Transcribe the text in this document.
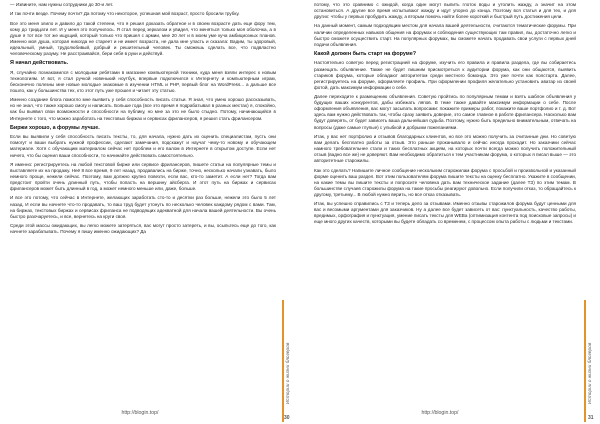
— Извините, нам нужны сотрудники до 30-и лет.

И так почти везде. Почему почти? Да потому что некоторое, успешная мой возраст, просто бросили трубку.

Все это меня злило и давило до такой степени, что я решил доказать обратное и в своем возрасте дать еще фору тем, кому до тридцати лет. И у меня это получилось. Я стал перед зеркалом и увидел, что меняться только моя оболочка, а в душе я тот все тот же ищущий, который только что пришел с армии, мне 20 лет и в моем уме куча амбициозных планов. Именно моя душа, которая никогда не стареет и не имеет возраста, не дала мне упасть и сказала: Вадим, ты здоровый, идеальный, умный, трудолюбивый, добрый и решительный человек. Ты сможешь сделать все, что подвластно человеческому разуму. Не расстраивайся, бери себя в руки и действуй.

Я начал действовать.

Я, случайно познакомился с молодыми ребятами в магазине компьютерной техники, куда меня взяли интерес к новым технологиям. И вот, я стал ручкой новенький ноутбук, впервые подключился к Интернету и компьютерным играм, бесконечно полезны мне новые молодые знакомые в изучении HTML и PHP, первый блог на WordPress... а дальше все пошло, как у большинства тех, кто этот путь уже прошел и читает эту статью.

Именно создание блога помогло мне выявить у себя способность писать статьи. Я знал, что умею хорошо рассказывать, но не знал, что также хорошо смогу и написать. Больше года (все это время я подрабатывал в разных местах) я, спокойно, как бы выявил свои возможности и способности на публику, но мне за это не было стыдно. Потому, начинающийся в Интернете с того, что можно заработать на текстовых биржах и сервисах фрилансеров, я решил стать фрилансером.

Биржи хорошо, а форумы лучше.

Если вы выявили у себя способность писать тексты, то, для начала, нужно дать их оценить специалистам, пусть они помогут и ваши выбрать нужной профессии, сделают замечания, подскажут и научат чему-то новому и обучающем материале. Хотя с обучающим материалом сейчас нет проблем и его валом в Интернете в открытом доступе. Если нет ничего, что бы оценил ваши способности, то начинайте действовать самостоятельно.

Я именно: регистрируетесь на любой текстовой бирже или сервисе фрилансеров, пишете статьи на популярные темы и выставляете их на продажу. Неё 8 все время, 9 лет назад, продавались на бирже, точно, несколько начали узнавать, было немного проще, нежели сейчас. Поэтому, вам должно крупно повезти, если вас, кто-то заметит. А если нет? Тогда вам предстоит пройти очень длинный путь, чтобы попасть на вершину айсберга. И этот путь на биржах и сервисах фрилансеров может быть длинный в год, а может немного меньше или, даже, больше.

И все это потому, что сейчас в Интернете, желающих заработать сто-то и десятки раз больше, нежели это было 5 лет назад. И если вы начнете что-то продавать, то ваш труд будет утонуть по несколько человек каждому рядом с вами. Там, на биржах, текстовых биржах и сервисах фриланса не подводящих адекватной для начала вашей деятельности. Вы очень быстро разочаруетесь, и все, вернетесь на круги своя.

Среди этой массы ожидающих, вы легко можете затеряться, вас могут просто затереть, и вы, осыпьтесь еще до того, как начнете зарабатывать. Почему я пишу именно ожидающих? Да

Истории о жизни блогеров
30
http://blogin.top/

потому, что это сравнимо с ожидой, когда один могут выпить глоток воды и утолить жажду, а значит на этом остановиться. А другие все время испытывают жажду и идут упорно до конца. Поэтому вся статья и для тех, и для других: чтобы у первых пробудить жажду, а вторым помочь найти более короткий и быстрый путь достижения цели.

На данный момент, самым подходящим местом для начала вашей деятельности, считаются тематические форумы. При наличии определенных навыков общения на форумах и соблюдения существующих там правил, вы, достаточно легко и быстро сможете осуществить старт. На популярных форумах, вы сможете начать продавать свои услуги с первых дней подачи объявления.

Какой должен быть старт на форуме?

Настоятельно советую перед регистрацией на форуме, изучить его правила и правила раздела, где вы собираетесь размещать объявление. Также не будет лишним присмотреться к аудитории форума, как они общаются, выявить стариков форума, которые обладают авторитетом среди местного бомонда. Это уже почти как полстарта. Далее, регистрируетесь на форуме, оформляете профиль. При оформлении профиля желательно установить аватар из своей фотой, дать максимум информации о себе.

Далее переходите к размещению объявления. Советую пройтись по популярным темам и взять шаблон объявления у будущих ваших конкурентов, дабы избежать ляпов. В теме также давайте максимум информации о себе. После оформления объявления, вас могут засыпать вопросами: покажите примеры работ, покажите ваше портфолио и т. д. Вот здесь вам нужно действовать так, чтобы сразу заявить доверие, это самое главное в работе фрилансера. Насколько вам будут доверять, от будет зависеть ваша дальнейшая судьба. Поэтому, нужно быть предельно внимательным, отвечать на вопросы (даже самые глупые) с улыбкой и добрыми пожеланиями.

Итак, у вас нет портфолио и отзывов благодарных клиентов, но все это можно получить за считанные дни. Но советую вам делать бесплатно работы за отзыв. Это раньше проканывало и сейчас иногда проходит. Но заказчики сейчас намного требовательнее стали и таких бесплатных акциям, на которых почти всегда можно получить положительный отзыв (вадно все же) не доверяют. Вам необходимо обратиться к тем участникам форума, о которых я писал выше — это авторитетные старожилы.

Как это сделать? Напишите личное сообщение нескольким старожилам форума с просьбой и произвольной и указанный форме оценить ваш раздел. Вот этим пользователям форума пишите тексты на оценку бесплатно. Укажите в сообщении, на какие темы вы пишите тексты и попросите человека дать вам техническое задание (далее ТЗ) по этим темам. В большинстве случаев старожилы форума на такие просьбы реагируют довольно. Если получили отказ, то обращайтесь к другому, третьему... В любой нужно верить, но все отказ отказывать.

Итак, вы успешно справились с ТЗ и теперь дело за отзывами. Именно отзывы старожилов форума будут ценными для вас и весомыми аргументами для заказчиков. Ну а далее все будет зависеть от вас: пунктуальность, качество работы, вредимых, орфография и пунктуация, умение писать тексты для WEBа (оптимизация контента под поисковые запросы) и еще много других качеств, которыми вы будете обладать со временем, с процессом опыта работы с людьми и текстами.

Истории о жизни блогеров
31
http://blogin.top/
